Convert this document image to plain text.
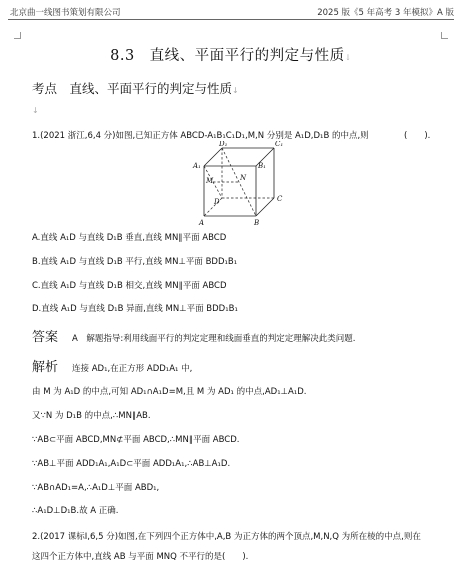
北京曲一线图书策划有限公司	2025 版《5 年高考 3 年模拟》A 版
8.3　直线、平面平行的判定与性质↓
考点　直线、平面平行的判定与性质↓
↓
1.(2021 浙江,6,4 分)如图,已知正方体 ABCD-A₁B₁C₁D₁,M,N 分别是 A₁D,D₁B 的中点,则	(　　).
D₁	C₁
A₁	B₁
D	C
A	B
M	N
A.直线 A₁D 与直线 D₁B 垂直,直线 MN∥平面 ABCD
B.直线 A₁D 与直线 D₁B 平行,直线 MN⊥平面 BDD₁B₁
C.直线 A₁D 与直线 D₁B 相交,直线 MN∥平面 ABCD
D.直线 A₁D 与直线 D₁B 异面,直线 MN⊥平面 BDD₁B₁
答案 A　解题指导:利用线面平行的判定定理和线面垂直的判定定理解决此类问题.
解析 连接 AD₁,在正方形 ADD₁A₁ 中,
由 M 为 A₁D 的中点,可知 AD₁∩A₁D=M,且 M 为 AD₁ 的中点,AD₁⊥A₁D.
又∵N 为 D₁B 的中点,∴MN∥AB.
∵AB⊂平面 ABCD,MN⊄平面 ABCD,∴MN∥平面 ABCD.
∵AB⊥平面 ADD₁A₁,A₁D⊂平面 ADD₁A₁,∴AB⊥A₁D.
∵AB∩AD₁=A,∴A₁D⊥平面 ABD₁,
∴A₁D⊥D₁B.故 A 正确.
2.(2017 课标Ⅰ,6,5 分)如图,在下列四个正方体中,A,B 为正方体的两个顶点,M,N,Q 为所在棱的中点,则在
这四个正方体中,直线 AB 与平面 MNQ 不平行的是(　　).
